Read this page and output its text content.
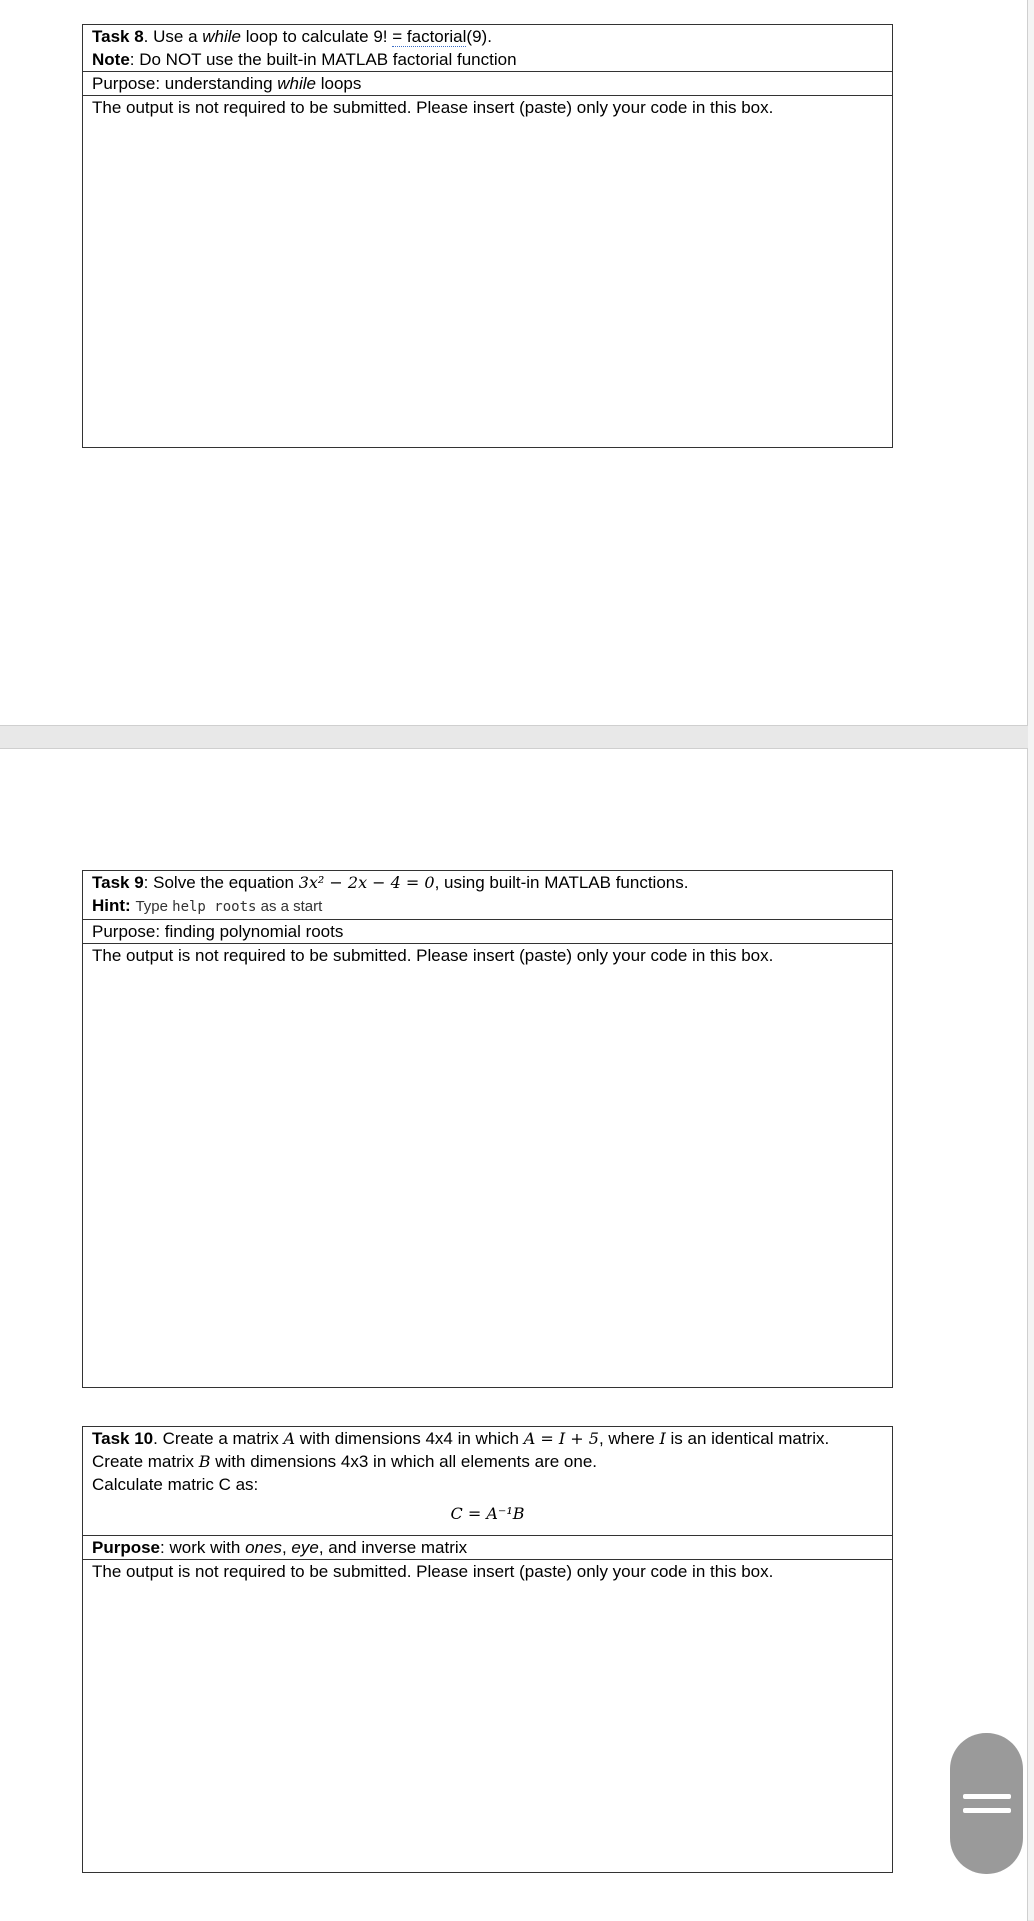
Task 8. Use a while loop to calculate 9! = factorial(9).
Note: Do NOT use the built-in MATLAB factorial function
Purpose: understanding while loops
The output is not required to be submitted. Please insert (paste) only your code in this box.
Task 9: Solve the equation 3x² − 2x − 4 = 0, using built-in MATLAB functions.
Hint: Type help roots as a start
Purpose: finding polynomial roots
The output is not required to be submitted. Please insert (paste) only your code in this box.
Task 10. Create a matrix A with dimensions 4x4 in which A = I + 5, where I is an identical matrix.
Create matrix B with dimensions 4x3 in which all elements are one.
Calculate matric C as:
C = A⁻¹B
Purpose: work with ones, eye, and inverse matrix
The output is not required to be submitted. Please insert (paste) only your code in this box.
